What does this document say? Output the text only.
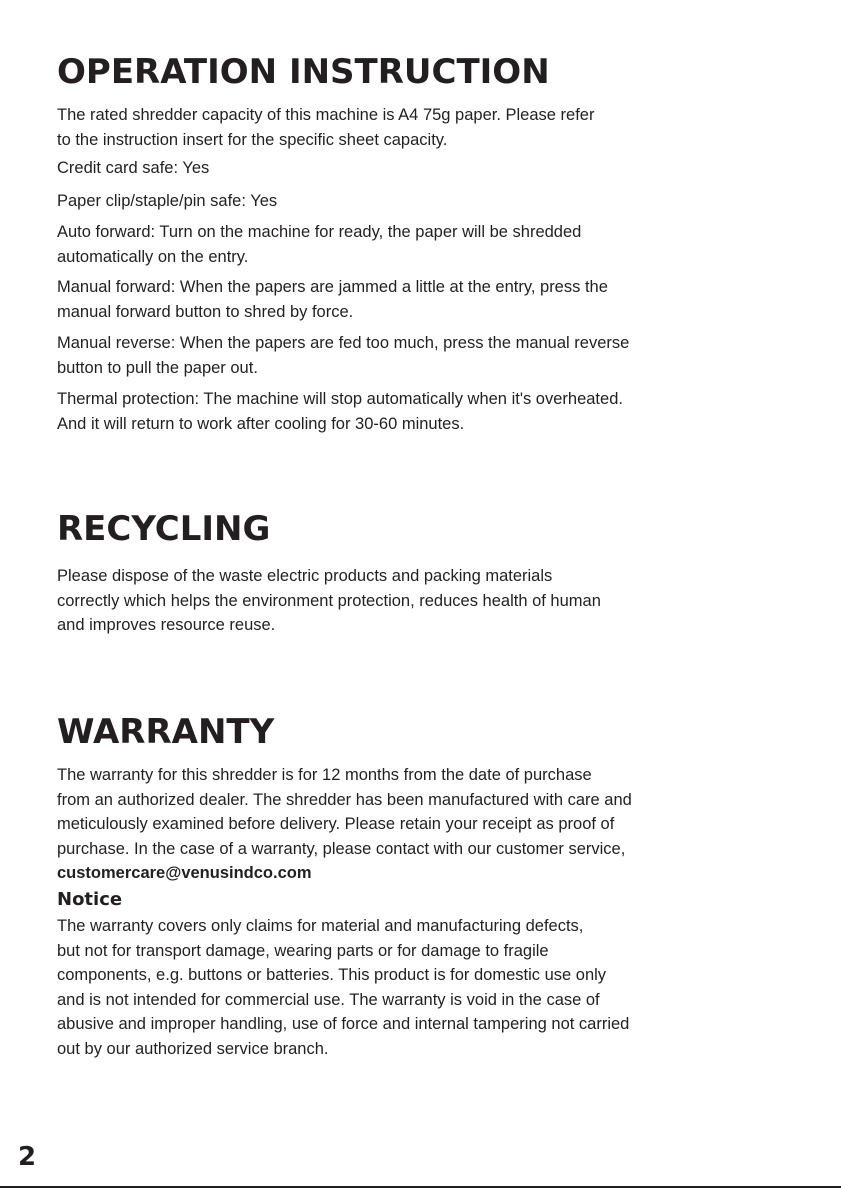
OPERATION INSTRUCTION
The rated shredder capacity of this machine is A4 75g paper. Please refer
to the instruction insert for the specific sheet capacity.
Credit card safe: Yes
Paper clip/staple/pin safe: Yes
Auto forward: Turn on the machine for ready, the paper will be shredded
automatically on the entry.
Manual forward: When the papers are jammed a little at the entry, press the
manual forward button to shred by force.
Manual reverse: When the papers are fed too much, press the manual reverse
button to pull the paper out.
Thermal protection: The machine will stop automatically when it's overheated.
And it will return to work after cooling for 30-60 minutes.
RECYCLING
Please dispose of the waste electric products and packing materials
correctly which helps the environment protection, reduces health of human
and improves resource reuse.
WARRANTY
The warranty for this shredder is for 12 months from the date of purchase
from an authorized dealer. The shredder has been manufactured with care and
meticulously examined before delivery. Please retain your receipt as proof of
purchase. In the case of a warranty, please contact with our customer service,
customercare@venusindco.com
Notice
The warranty covers only claims for material and manufacturing defects,
but not for transport damage, wearing parts or for damage to fragile
components, e.g. buttons or batteries. This product is for domestic use only
and is not intended for commercial use. The warranty is void in the case of
abusive and improper handling, use of force and internal tampering not carried
out by our authorized service branch.
2
